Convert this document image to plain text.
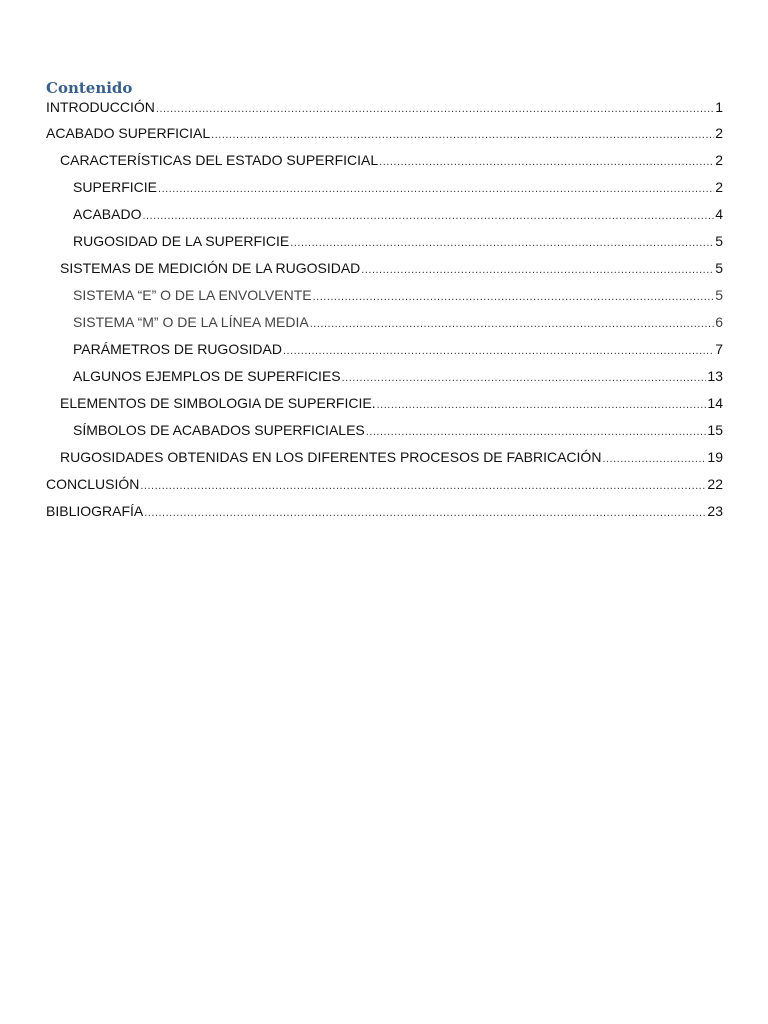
Contenido
INTRODUCCIÓN .....	1
ACABADO SUPERFICIAL .....	2
CARACTERÍSTICAS DEL ESTADO SUPERFICIAL .....	2
SUPERFICIE .....	2
ACABADO .....	4
RUGOSIDAD DE LA SUPERFICIE .....	5
SISTEMAS DE MEDICIÓN DE LA RUGOSIDAD .....	5
SISTEMA “E” O DE LA ENVOLVENTE .....	5
SISTEMA “M” O DE LA LÍNEA MEDIA .....	6
PARÁMETROS DE RUGOSIDAD .....	7
ALGUNOS EJEMPLOS DE SUPERFICIES .....	13
ELEMENTOS DE SIMBOLOGIA DE SUPERFICIE. .....	14
SÍMBOLOS DE ACABADOS SUPERFICIALES .....	15
RUGOSIDADES OBTENIDAS EN LOS DIFERENTES PROCESOS DE FABRICACIÓN .....	19
CONCLUSIÓN .....	22
BIBLIOGRAFÍA .....	23
